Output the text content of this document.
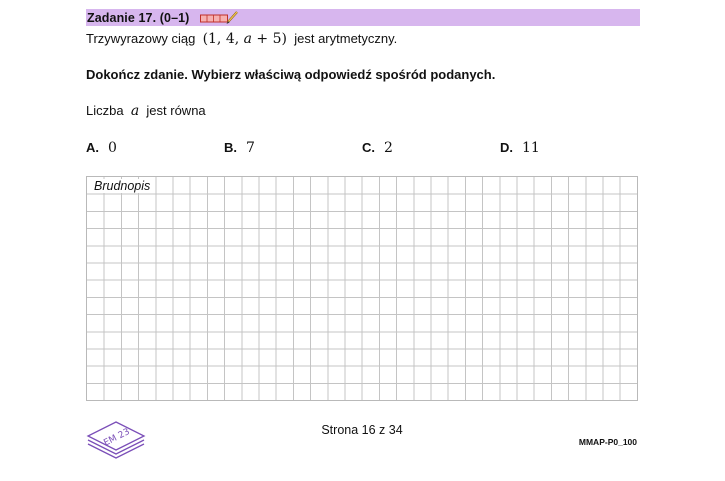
Zadanie 17. (0–1)
Trzywyrazowy ciąg (1, 4, 𝑎 + 5) jest arytmetyczny.
Dokończ zdanie. Wybierz właściwą odpowiedź spośród podanych.
Liczba 𝑎 jest równa
A. 0	B. 7	C. 2	D. 11
Brudnopis
EM 23	Strona 16 z 34
MMAP-P0_100
